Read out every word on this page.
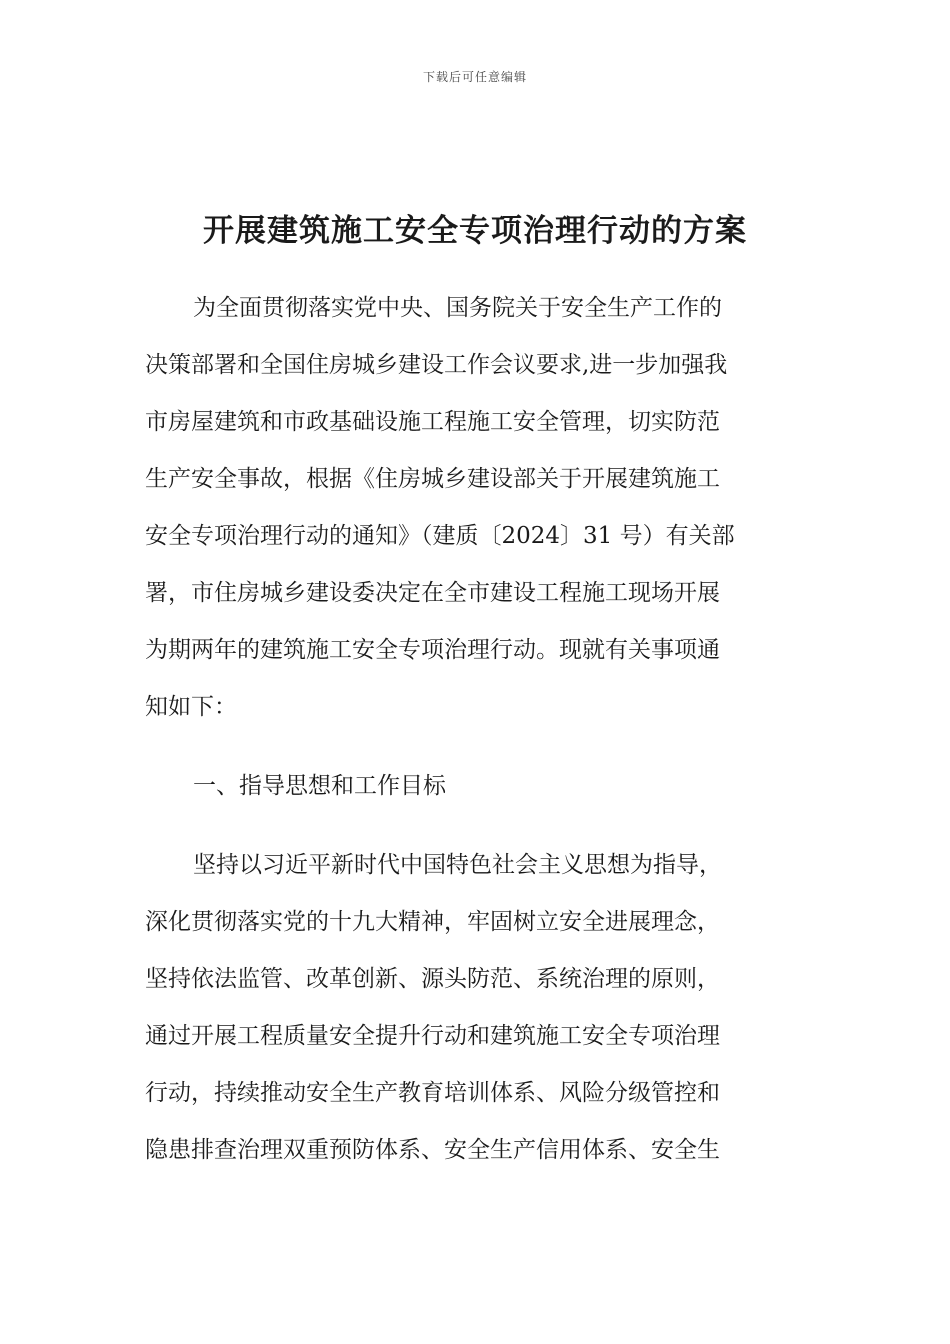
下载后可任意编辑
开展建筑施工安全专项治理行动的方案
为全面贯彻落实党中央、国务院关于安全生产工作的
决策部署和全国住房城乡建设工作会议要求,进一步加强我
市房屋建筑和市政基础设施工程施工安全管理，切实防范
生产安全事故，根据《住房城乡建设部关于开展建筑施工
安全专项治理行动的通知》（建质〔2024〕31 号）有关部
署，市住房城乡建设委决定在全市建设工程施工现场开展
为期两年的建筑施工安全专项治理行动。现就有关事项通
知如下：
一、指导思想和工作目标
坚持以习近平新时代中国特色社会主义思想为指导，
深化贯彻落实党的十九大精神，牢固树立安全进展理念，
坚持依法监管、改革创新、源头防范、系统治理的原则，
通过开展工程质量安全提升行动和建筑施工安全专项治理
行动，持续推动安全生产教育培训体系、风险分级管控和
隐患排查治理双重预防体系、安全生产信用体系、安全生
